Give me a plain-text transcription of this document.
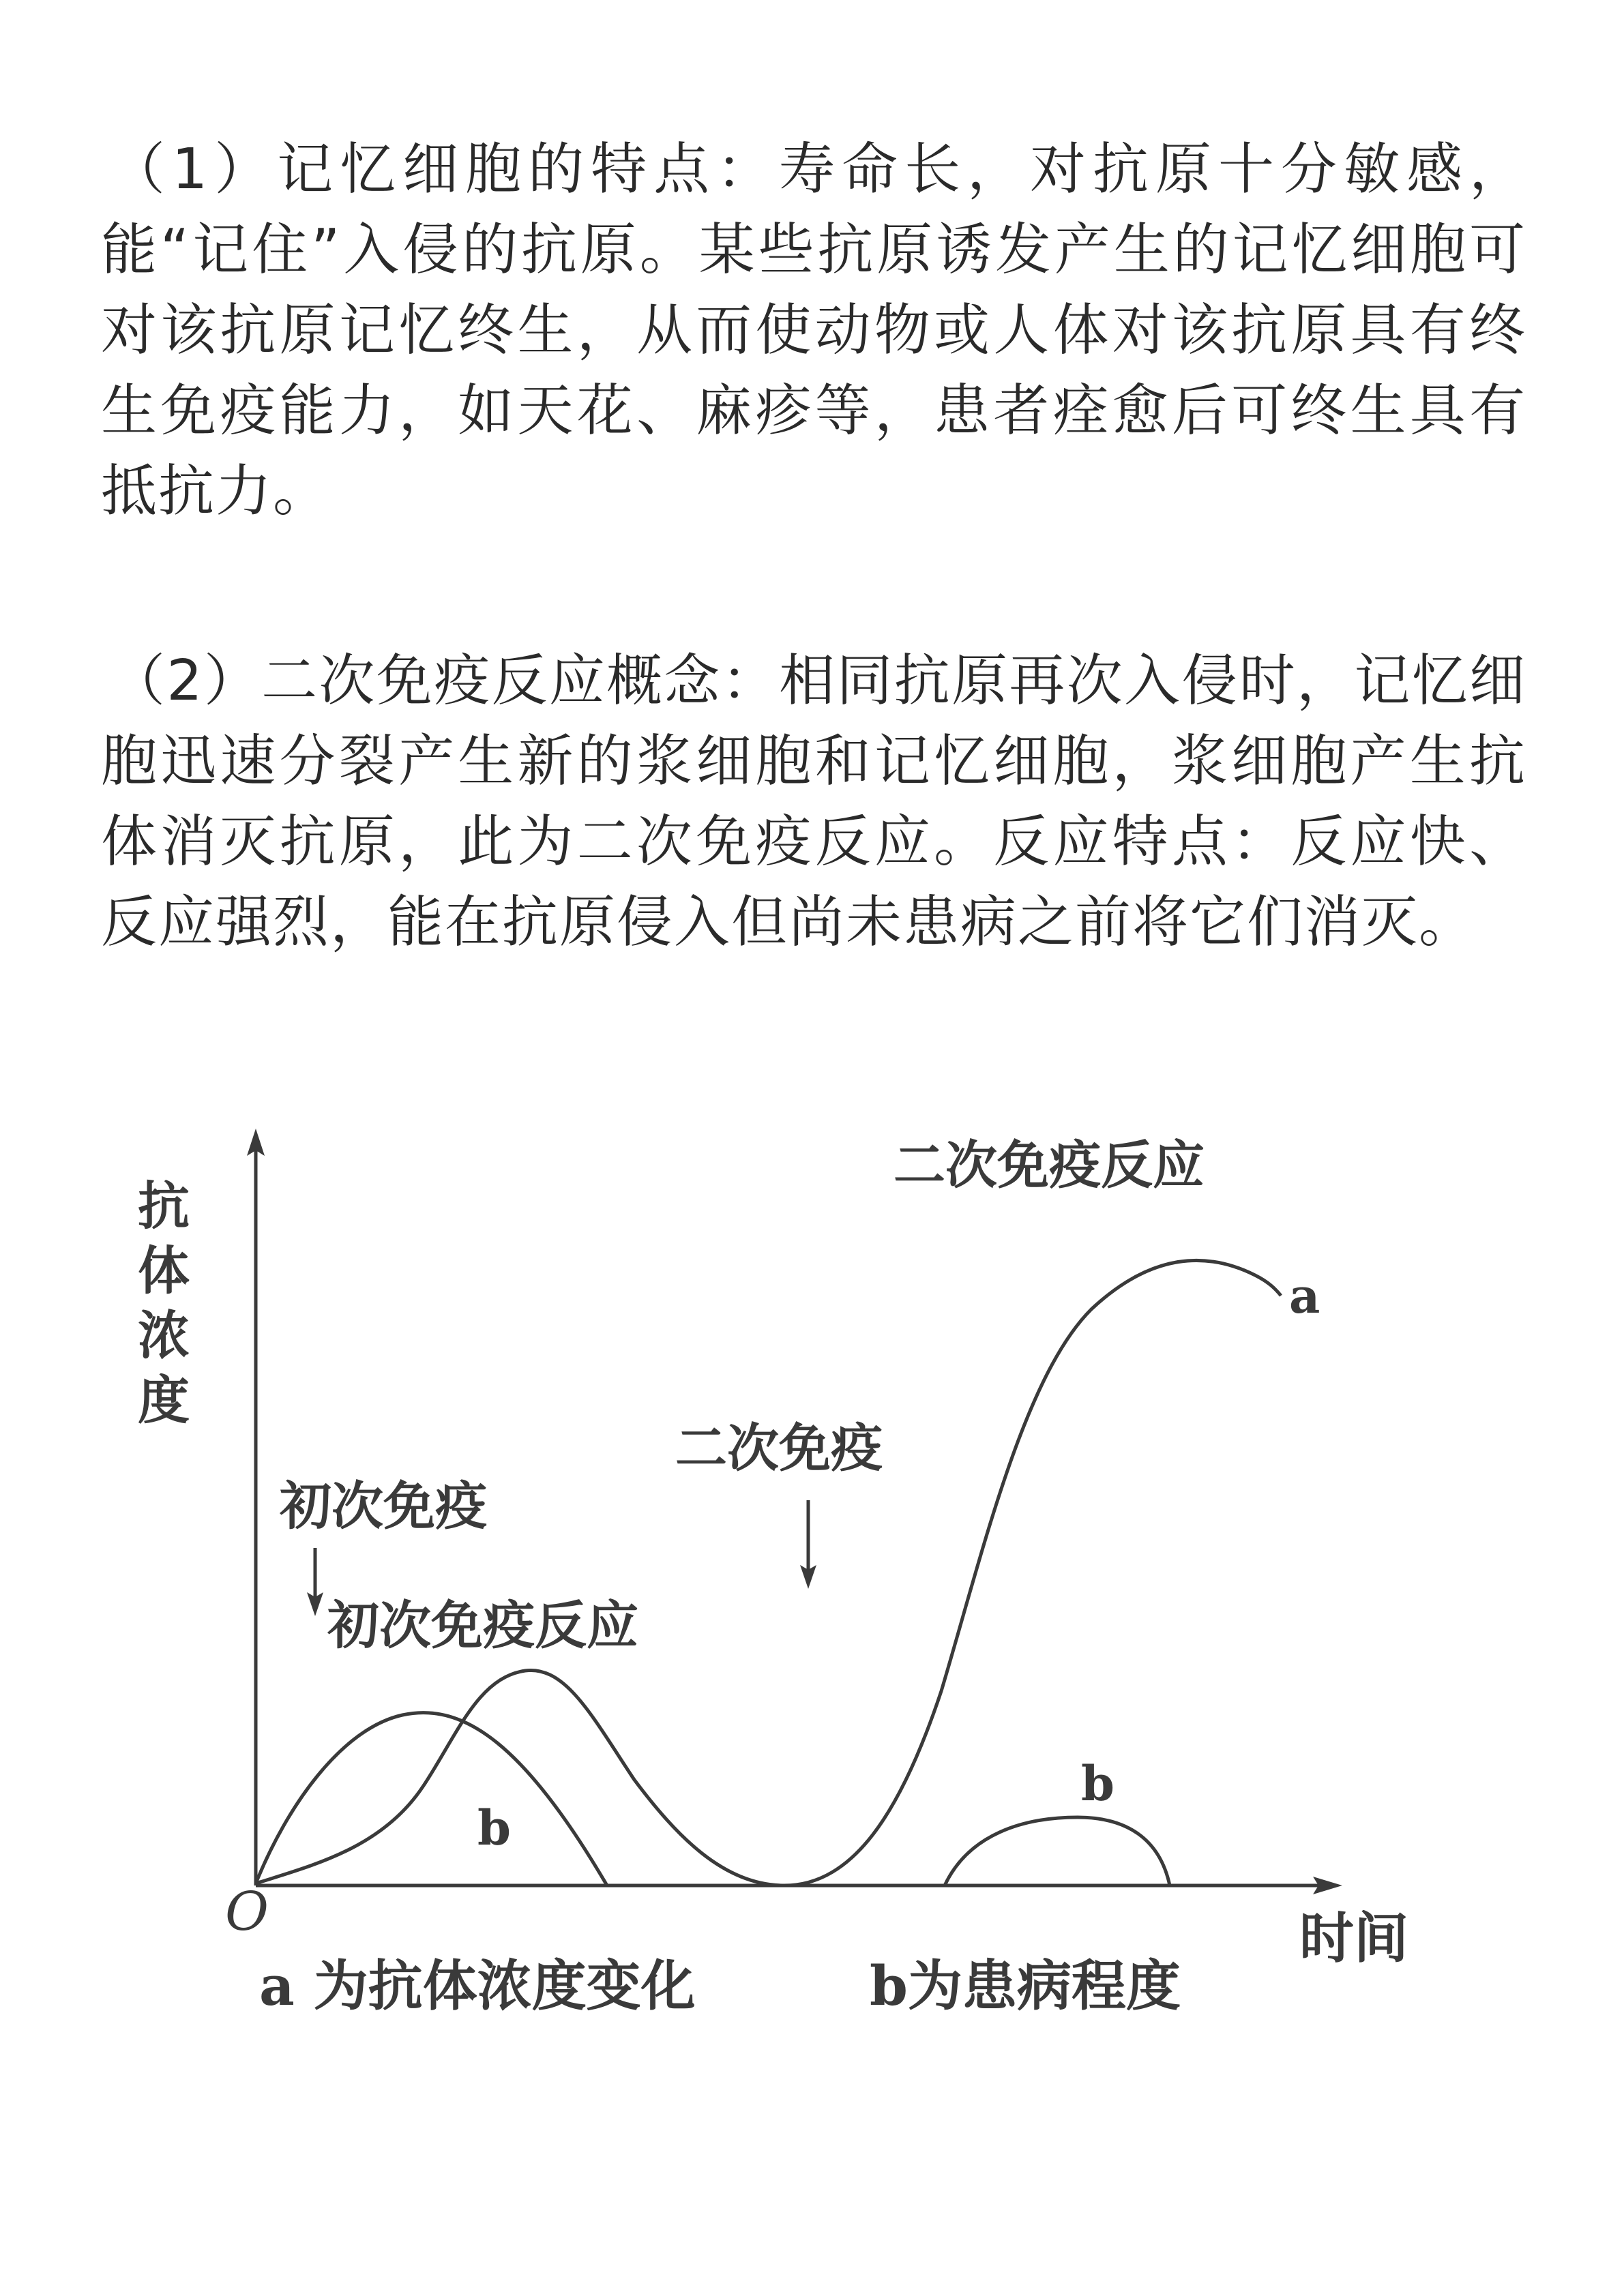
（1）记忆细胞的特点：寿命长，对抗原十分敏感，能“记住”入侵的抗原。某些抗原诱发产生的记忆细胞可对该抗原记忆终生，从而使动物或人体对该抗原具有终生免疫能力，如天花、麻疹等，患者痊愈后可终生具有抵抗力。

（2）二次免疫反应概念：相同抗原再次入侵时，记忆细胞迅速分裂产生新的浆细胞和记忆细胞，浆细胞产生抗体消灭抗原，此为二次免疫反应。反应特点：反应快、反应强烈，能在抗原侵入但尚未患病之前将它们消灭。

抗
体
浓
度
O	时间
初次免疫
初次免疫反应
二次免疫
二次免疫反应
a
b
b
a 为抗体浓度变化	b为患病程度
